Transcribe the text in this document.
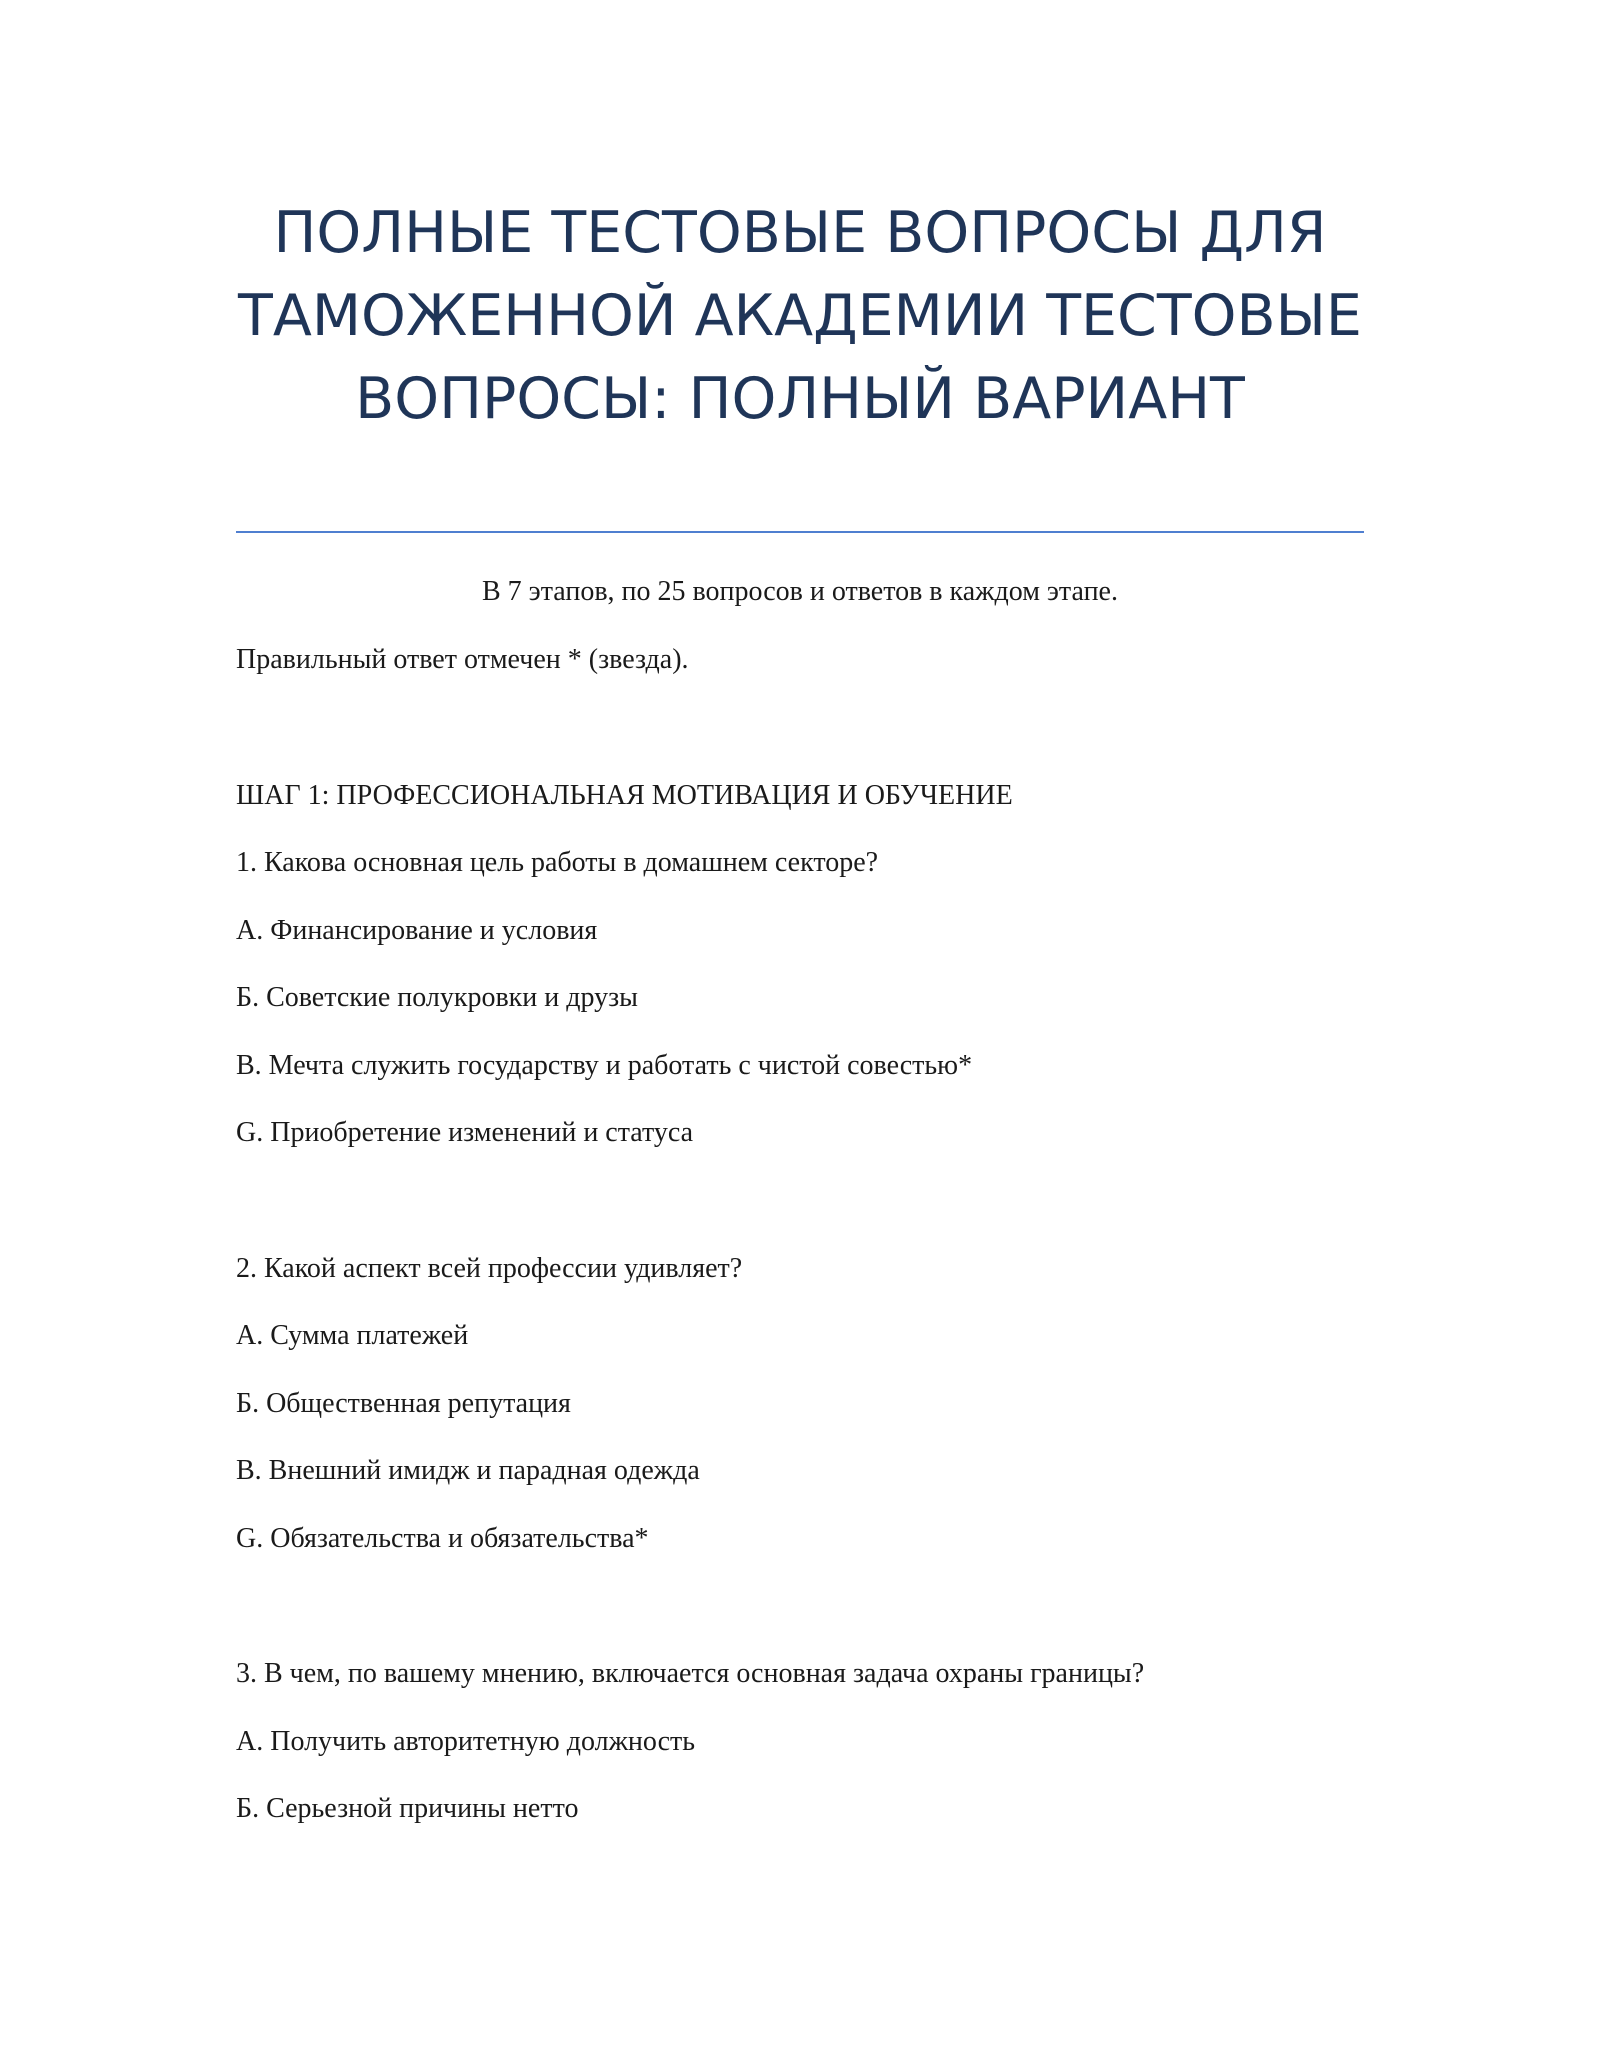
ПОЛНЫЕ ТЕСТОВЫЕ ВОПРОСЫ ДЛЯ ТАМОЖЕННОЙ АКАДЕМИИ ТЕСТОВЫЕ ВОПРОСЫ: ПОЛНЫЙ ВАРИАНТ

В 7 этапов, по 25 вопросов и ответов в каждом этапе.

Правильный ответ отмечен * (звезда).

ШАГ 1: ПРОФЕССИОНАЛЬНАЯ МОТИВАЦИЯ И ОБУЧЕНИЕ

1. Какова основная цель работы в домашнем секторе?

А. Финансирование и условия

Б. Советские полукровки и друзы

В. Мечта служить государству и работать с чистой совестью*

G. Приобретение изменений и статуса

2. Какой аспект всей профессии удивляет?

А. Сумма платежей

Б. Общественная репутация

В. Внешний имидж и парадная одежда

G. Обязательства и обязательства*

3. В чем, по вашему мнению, включается основная задача охраны границы?

А. Получить авторитетную должность

Б. Серьезной причины нетто
